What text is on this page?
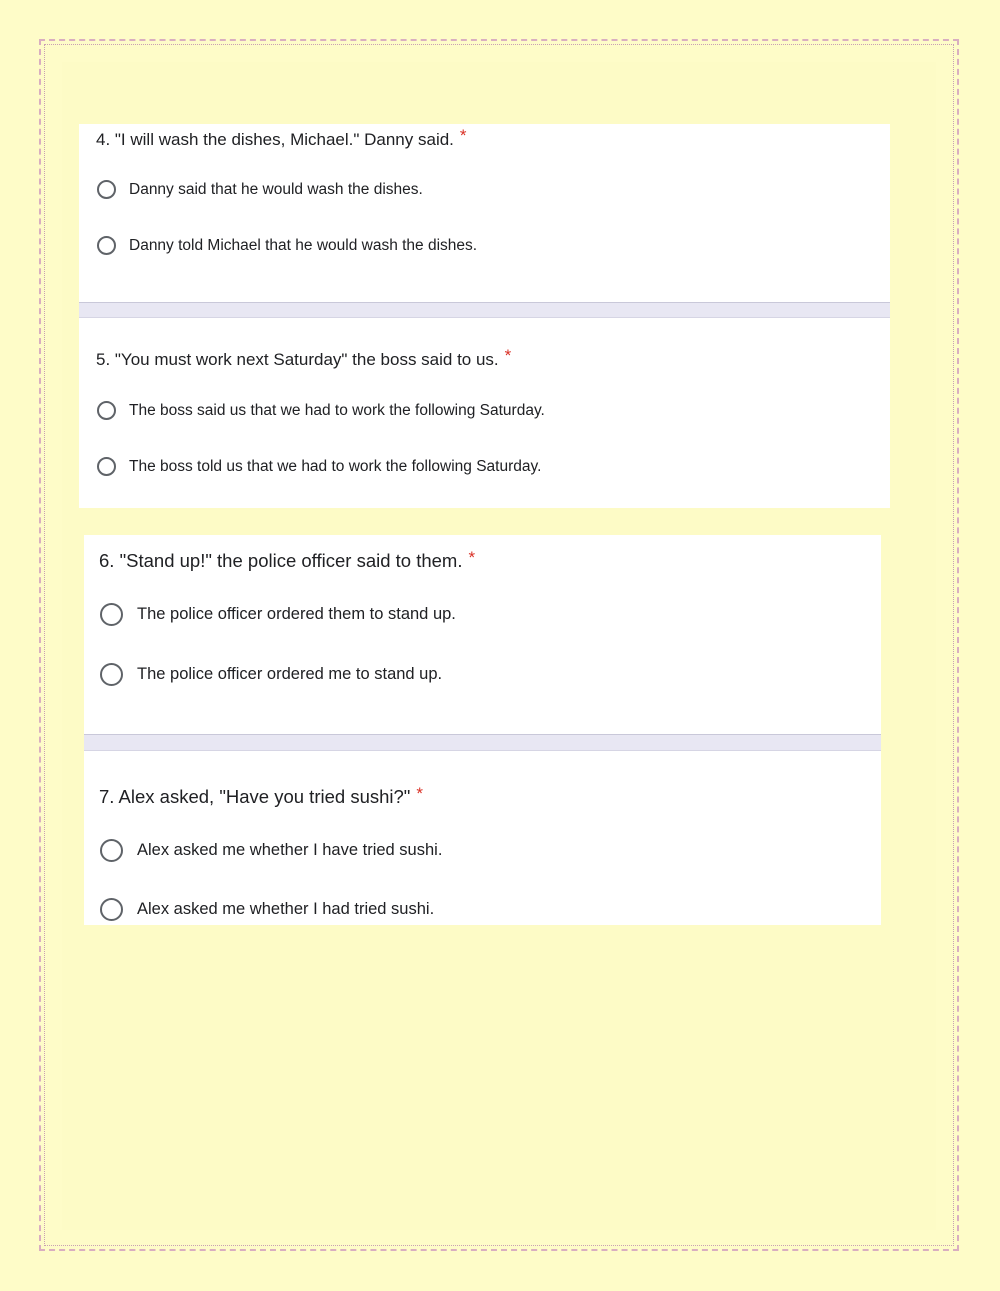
4. "I will wash the dishes, Michael." Danny said. *
Danny said that he would wash the dishes.
Danny told Michael that he would wash the dishes.
5. "You must work next Saturday" the boss said to us. *
The boss said us that we had to work the following Saturday.
The boss told us that we had to work the following Saturday.
6. "Stand up!" the police officer said to them. *
The police officer ordered them to stand up.
The police officer ordered me to stand up.
7. Alex asked, "Have you tried sushi?" *
Alex asked me whether I have tried sushi.
Alex asked me whether I had tried sushi.
